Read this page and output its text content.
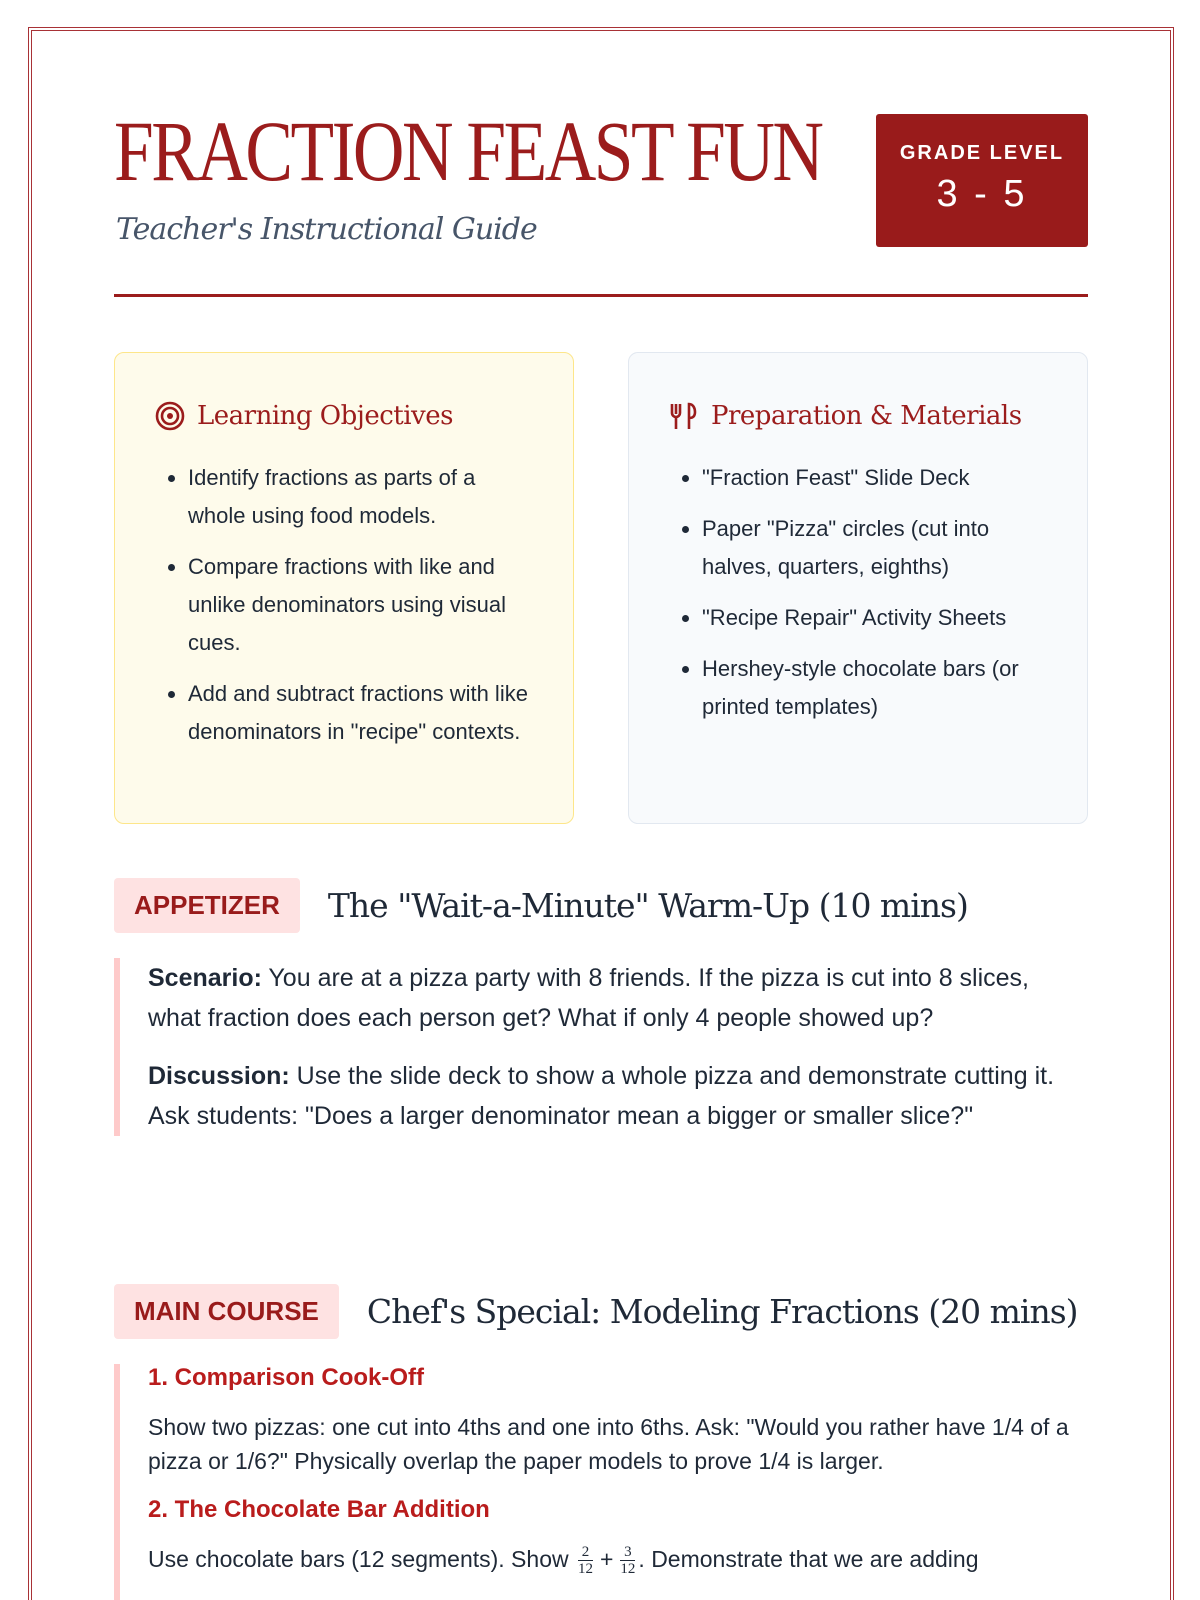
FRACTION FEAST FUN
Teacher's Instructional Guide
GRADE LEVEL
3 - 5
Learning Objectives
• Identify fractions as parts of a whole using food models.
• Compare fractions with like and unlike denominators using visual cues.
• Add and subtract fractions with like denominators in "recipe" contexts.
Preparation & Materials
• "Fraction Feast" Slide Deck
• Paper "Pizza" circles (cut into halves, quarters, eighths)
• "Recipe Repair" Activity Sheets
• Hershey-style chocolate bars (or printed templates)
APPETIZER	The "Wait-a-Minute" Warm-Up (10 mins)

Scenario: You are at a pizza party with 8 friends. If the pizza is cut into 8 slices, what fraction does each person get? What if only 4 people showed up?

Discussion: Use the slide deck to show a whole pizza and demonstrate cutting it. Ask students: "Does a larger denominator mean a bigger or smaller slice?"

MAIN COURSE	Chef's Special: Modeling Fractions (20 mins)
1. Comparison Cook-Off

Show two pizzas: one cut into 4ths and one into 6ths. Ask: "Would you rather have 1/4 of a pizza or 1/6?" Physically overlap the paper models to prove 1/4 is larger.

2. The Chocolate Bar Addition

Use chocolate bars (12 segments). Show $\frac{2}{12} + \frac{3}{12}$ . Demonstrate that we are adding
